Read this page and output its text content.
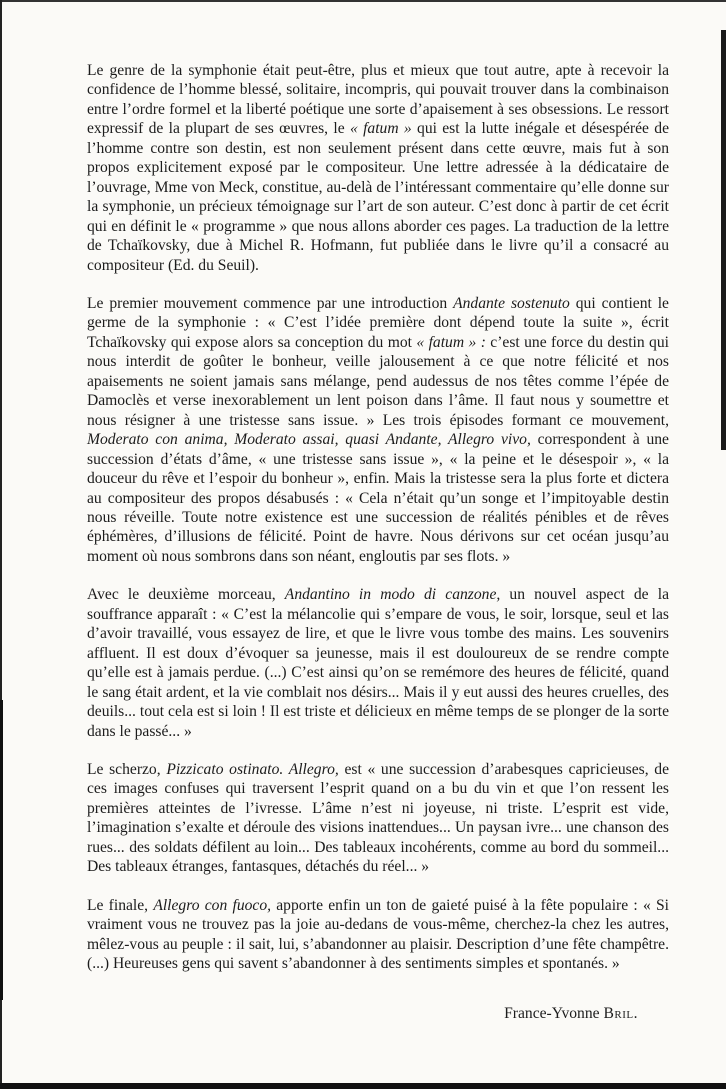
Le genre de la symphonie était peut-être, plus et mieux que tout autre, apte à recevoir la confidence de l’homme blessé, solitaire, incompris, qui pouvait trouver dans la combinaison entre l’ordre formel et la liberté poétique une sorte d’apaisement à ses obsessions. Le ressort expressif de la plupart de ses œuvres, le « fatum » qui est la lutte inégale et désespérée de l’homme contre son destin, est non seulement présent dans cette œuvre, mais fut à son propos explicitement exposé par le compositeur. Une lettre adressée à la dédicataire de l’ouvrage, Mme von Meck, constitue, au-delà de l’intéressant commentaire qu’elle donne sur la symphonie, un précieux témoignage sur l’art de son auteur. C’est donc à partir de cet écrit qui en définit le « programme » que nous allons aborder ces pages. La traduction de la lettre de Tchaïkovsky, due à Michel R. Hofmann, fut publiée dans le livre qu’il a consacré au compositeur (Ed. du Seuil).

Le premier mouvement commence par une introduction Andante sostenuto qui contient le germe de la symphonie : « C’est l’idée première dont dépend toute la suite », écrit Tchaïkovsky qui expose alors sa conception du mot « fatum » : c’est une force du destin qui nous interdit de goûter le bonheur, veille jalousement à ce que notre félicité et nos apaisements ne soient jamais sans mélange, pend audessus de nos têtes comme l’épée de Damoclès et verse inexorablement un lent poison dans l’âme. Il faut nous y soumettre et nous résigner à une tristesse sans issue. » Les trois épisodes formant ce mouvement, Moderato con anima, Moderato assai, quasi Andante, Allegro vivo, correspondent à une succession d’états d’âme, « une tristesse sans issue », « la peine et le désespoir », « la douceur du rêve et l’espoir du bonheur », enfin. Mais la tristesse sera la plus forte et dictera au compositeur des propos désabusés : « Cela n’était qu’un songe et l’impitoyable destin nous réveille. Toute notre existence est une succession de réalités pénibles et de rêves éphémères, d’illusions de félicité. Point de havre. Nous dérivons sur cet océan jusqu’au moment où nous sombrons dans son néant, engloutis par ses flots. »

Avec le deuxième morceau, Andantino in modo di canzone, un nouvel aspect de la souffrance apparaît : « C’est la mélancolie qui s’empare de vous, le soir, lorsque, seul et las d’avoir travaillé, vous essayez de lire, et que le livre vous tombe des mains. Les souvenirs affluent. Il est doux d’évoquer sa jeunesse, mais il est douloureux de se rendre compte qu’elle est à jamais perdue. (...) C’est ainsi qu’on se remémore des heures de félicité, quand le sang était ardent, et la vie comblait nos désirs... Mais il y eut aussi des heures cruelles, des deuils... tout cela est si loin ! Il est triste et délicieux en même temps de se plonger de la sorte dans le passé... »

Le scherzo, Pizzicato ostinato. Allegro, est « une succession d’arabesques capricieuses, de ces images confuses qui traversent l’esprit quand on a bu du vin et que l’on ressent les premières atteintes de l’ivresse. L’âme n’est ni joyeuse, ni triste. L’esprit est vide, l’imagination s’exalte et déroule des visions inattendues... Un paysan ivre... une chanson des rues... des soldats défilent au loin... Des tableaux incohérents, comme au bord du sommeil... Des tableaux étranges, fantasques, détachés du réel... »

Le finale, Allegro con fuoco, apporte enfin un ton de gaieté puisé à la fête populaire : « Si vraiment vous ne trouvez pas la joie au-dedans de vous-même, cherchez-la chez les autres, mêlez-vous au peuple : il sait, lui, s’abandonner au plaisir. Description d’une fête champêtre. (...) Heureuses gens qui savent s’abandonner à des sentiments simples et spontanés. »

France-Yvonne Bril.
